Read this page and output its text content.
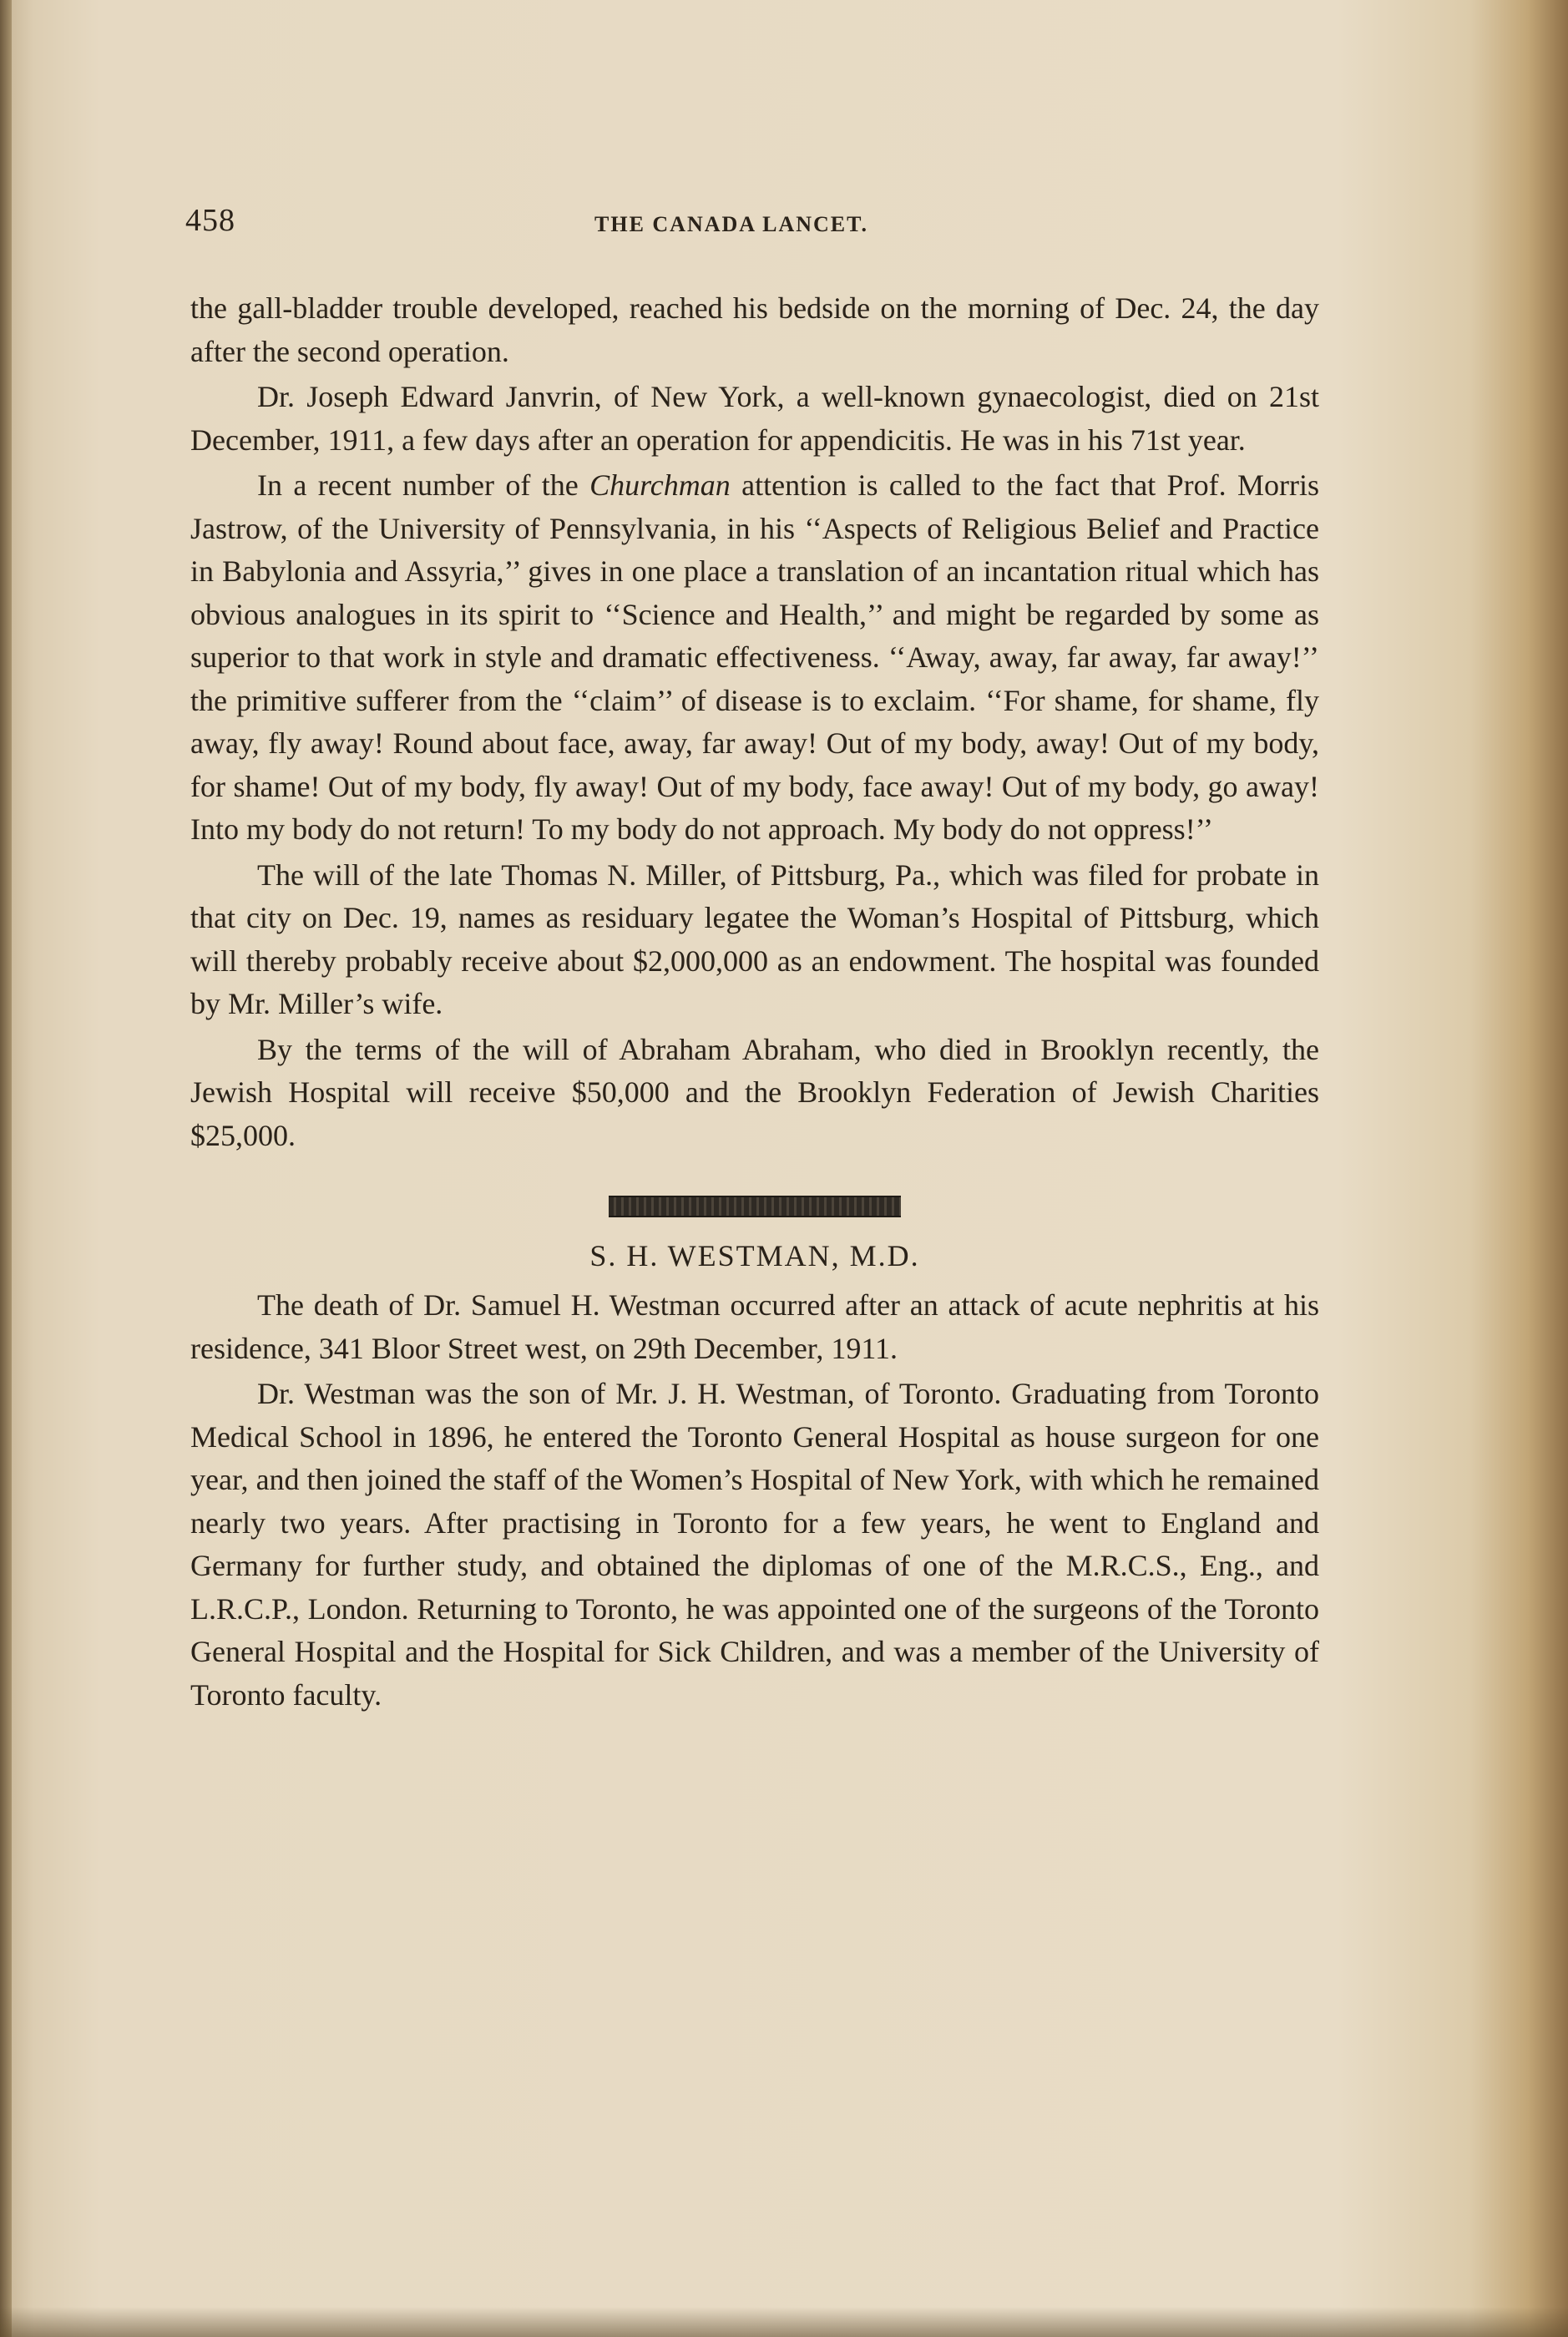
458	THE CANADA LANCET.

the gall-bladder trouble developed, reached his bedside on the morning of Dec. 24, the day after the second operation.

Dr. Joseph Edward Janvrin, of New York, a well-known gynaecologist, died on 21st December, 1911, a few days after an operation for appendicitis. He was in his 71st year.

In a recent number of the Churchman attention is called to the fact that Prof. Morris Jastrow, of the University of Pennsylvania, in his ‘‘Aspects of Religious Belief and Practice in Babylonia and Assyria,’’ gives in one place a translation of an incantation ritual which has obvious analogues in its spirit to ‘‘Science and Health,’’ and might be regarded by some as superior to that work in style and dramatic effectiveness. ‘‘Away, away, far away, far away!’’ the primitive sufferer from the ‘‘claim’’ of disease is to exclaim. ‘‘For shame, for shame, fly away, fly away! Round about face, away, far away! Out of my body, away! Out of my body, for shame! Out of my body, fly away! Out of my body, face away! Out of my body, go away! Into my body do not return! To my body do not approach. My body do not oppress!’’

The will of the late Thomas N. Miller, of Pittsburg, Pa., which was filed for probate in that city on Dec. 19, names as residuary legatee the Woman’s Hospital of Pittsburg, which will thereby probably receive about $2,000,000 as an endowment. The hospital was founded by Mr. Miller’s wife.

By the terms of the will of Abraham Abraham, who died in Brooklyn recently, the Jewish Hospital will receive $50,000 and the Brooklyn Federation of Jewish Charities $25,000.

S. H. WESTMAN, M.D.

The death of Dr. Samuel H. Westman occurred after an attack of acute nephritis at his residence, 341 Bloor Street west, on 29th December, 1911.

Dr. Westman was the son of Mr. J. H. Westman, of Toronto. Graduating from Toronto Medical School in 1896, he entered the Toronto General Hospital as house surgeon for one year, and then joined the staff of the Women’s Hospital of New York, with which he remained nearly two years. After practising in Toronto for a few years, he went to England and Germany for further study, and obtained the diplomas of one of the M.R.C.S., Eng., and L.R.C.P., London. Returning to Toronto, he was appointed one of the surgeons of the Toronto General Hospital and the Hospital for Sick Children, and was a member of the University of Toronto faculty.
